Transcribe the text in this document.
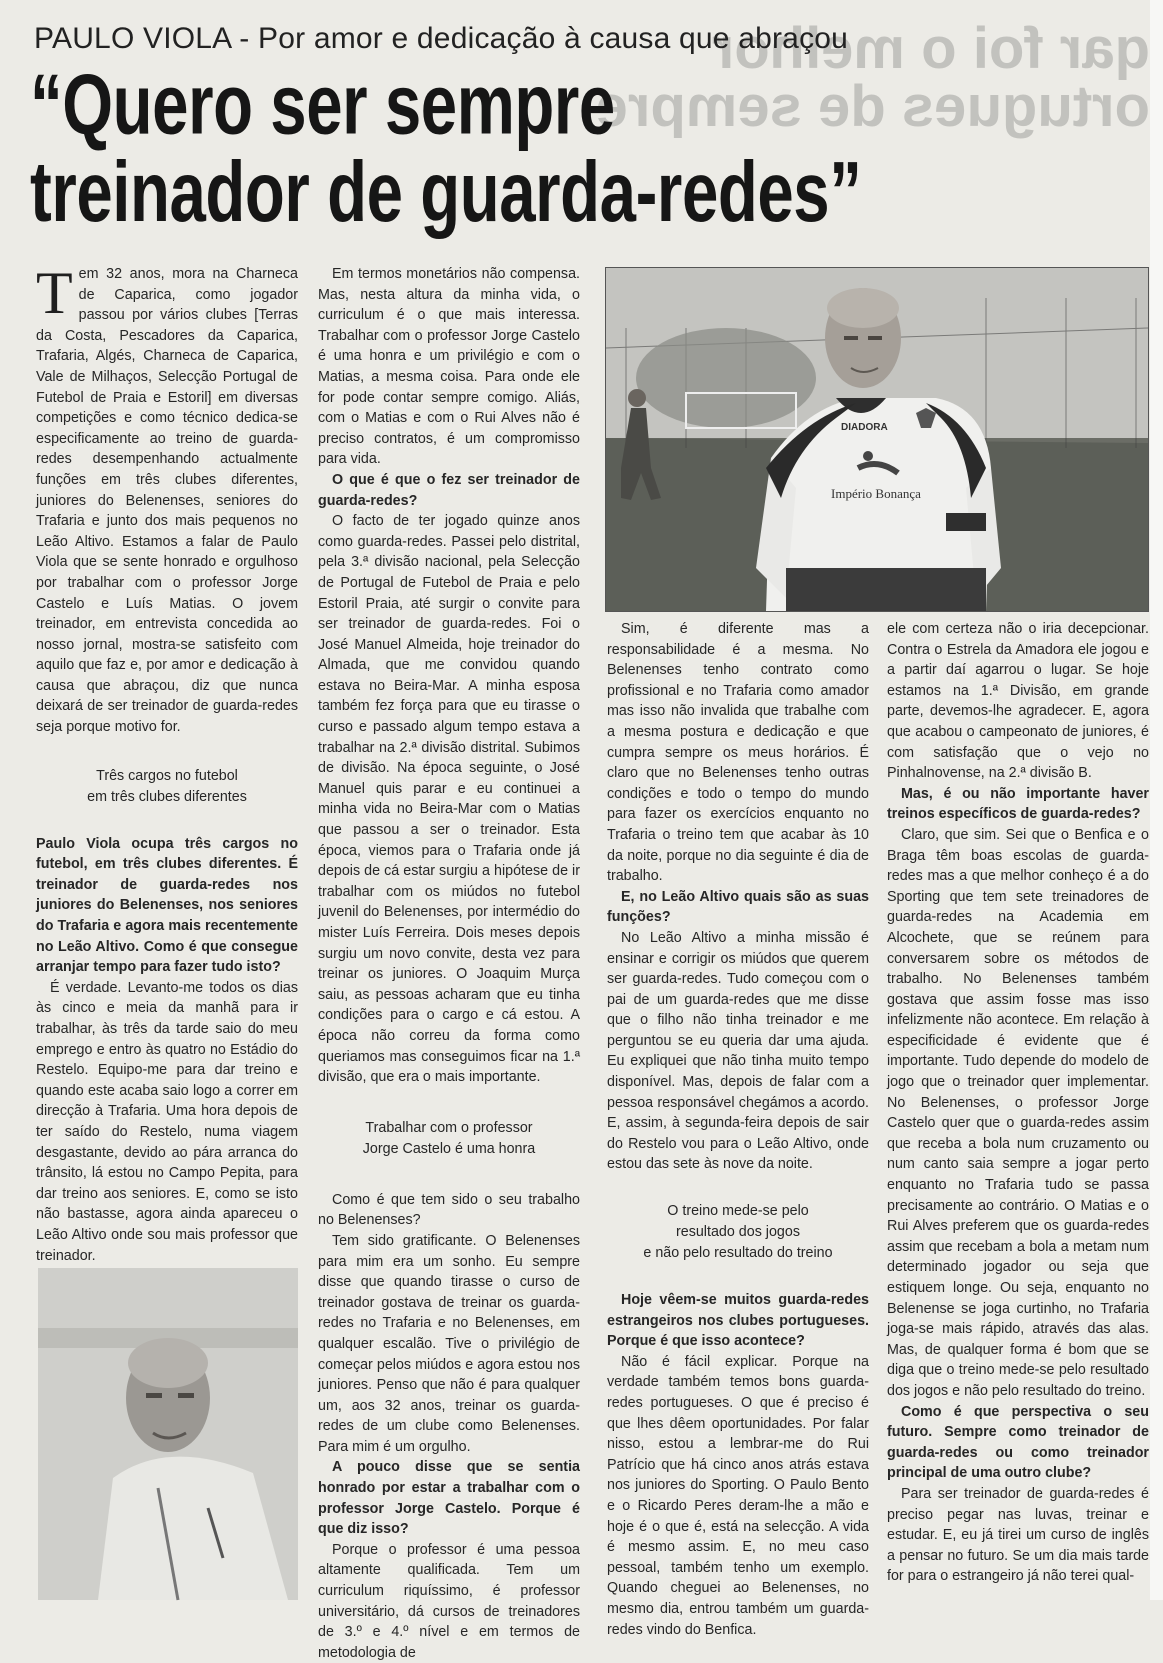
qar foi o melhor
ortugues de sempre
PAULO VIOLA - Por amor e dedicação à causa que abraçou
“Quero ser sempre
treinador de guarda-redes”

Tem 32 anos, mora na Charneca de Caparica, como jogador passou por vários clubes [Terras da Costa, Pescadores da Caparica, Trafaria, Algés, Charneca de Caparica, Vale de Milhaços, Selecção Portugal de Futebol de Praia e Estoril] em diversas competições e como técnico dedica-se especificamente ao treino de guarda-redes desempenhando actualmente funções em três clubes diferentes, juniores do Belenenses, seniores do Trafaria e junto dos mais pequenos no Leão Altivo. Estamos a falar de Paulo Viola que se sente honrado e orgulhoso por trabalhar com o professor Jorge Castelo e Luís Matias. O jovem treinador, em entrevista concedida ao nosso jornal, mostra-se satisfeito com aquilo que faz e, por amor e dedicação à causa que abraçou, diz que nunca deixará de ser treinador de guarda-redes seja porque motivo for.

Três cargos no futebol
em três clubes diferentes

Paulo Viola ocupa três cargos no futebol, em três clubes diferentes. É treinador de guarda-redes nos juniores do Belenenses, nos seniores do Trafaria e agora mais recentemente no Leão Altivo. Como é que consegue arranjar tempo para fazer tudo isto?

É verdade. Levanto-me todos os dias às cinco e meia da manhã para ir trabalhar, às três da tarde saio do meu emprego e entro às quatro no Estádio do Restelo. Equipo-me para dar treino e quando este acaba saio logo a correr em direcção à Trafaria. Uma hora depois de ter saído do Restelo, numa viagem desgastante, devido ao pára arranca do trânsito, lá estou no Campo Pepita, para dar treino aos seniores. E, como se isto não bastasse, agora ainda apareceu o Leão Altivo onde sou mais professor que treinador.

Em termos monetários não compensa. Mas, nesta altura da minha vida, o curriculum é o que mais interessa. Trabalhar com o professor Jorge Castelo é uma honra e um privilégio e com o Matias, a mesma coisa. Para onde ele for pode contar sempre comigo. Aliás, com o Matias e com o Rui Alves não é preciso contratos, é um compromisso para vida.

O que é que o fez ser treinador de guarda-redes?

O facto de ter jogado quinze anos como guarda-redes. Passei pelo distrital, pela 3.ª divisão nacional, pela Selecção de Portugal de Futebol de Praia e pelo Estoril Praia, até surgir o convite para ser treinador de guarda-redes. Foi o José Manuel Almeida, hoje treinador do Almada, que me convidou quando estava no Beira-Mar. A minha esposa também fez força para que eu tirasse o curso e passado algum tempo estava a trabalhar na 2.ª divisão distrital. Subimos de divisão. Na época seguinte, o José Manuel quis parar e eu continuei a minha vida no Beira-Mar com o Matias que passou a ser o treinador. Esta época, viemos para o Trafaria onde já depois de cá estar surgiu a hipótese de ir trabalhar com os miúdos no futebol juvenil do Belenenses, por intermédio do mister Luís Ferreira. Dois meses depois surgiu um novo convite, desta vez para treinar os juniores. O Joaquim Murça saiu, as pessoas acharam que eu tinha condições para o cargo e cá estou. A época não correu da forma como queriamos mas conseguimos ficar na 1.ª divisão, que era o mais importante.

Trabalhar com o professor
Jorge Castelo é uma honra

Como é que tem sido o seu trabalho no Belenenses?

Tem sido gratificante. O Belenenses para mim era um sonho. Eu sempre disse que quando tirasse o curso de treinador gostava de treinar os guarda-redes no Trafaria e no Belenenses, em qualquer escalão. Tive o privilégio de começar pelos miúdos e agora estou nos juniores. Penso que não é para qualquer um, aos 32 anos, treinar os guarda-redes de um clube como Belenenses. Para mim é um orgulho.

A pouco disse que se sentia honrado por estar a trabalhar com o professor Jorge Castelo. Porque é que diz isso?

Porque o professor é uma pessoa altamente qualificada. Tem um curriculum riquíssimo, é professor universitário, dá cursos de treinadores de 3.º e 4.º nível e em termos de metodologia de

DIADORA
Império Bonança

Sim, é diferente mas a responsabilidade é a mesma. No Belenenses tenho contrato como profissional e no Trafaria como amador mas isso não invalida que trabalhe com a mesma postura e dedicação e que cumpra sempre os meus horários. É claro que no Belenenses tenho outras condições e todo o tempo do mundo para fazer os exercícios enquanto no Trafaria o treino tem que acabar às 10 da noite, porque no dia seguinte é dia de trabalho.

E, no Leão Altivo quais são as suas funções?

No Leão Altivo a minha missão é ensinar e corrigir os miúdos que querem ser guarda-redes. Tudo começou com o pai de um guarda-redes que me disse que o filho não tinha treinador e me perguntou se eu queria dar uma ajuda. Eu expliquei que não tinha muito tempo disponível. Mas, depois de falar com a pessoa responsável chegámos a acordo. E, assim, à segunda-feira depois de sair do Restelo vou para o Leão Altivo, onde estou das sete às nove da noite.

O treino mede-se pelo
resultado dos jogos
e não pelo resultado do treino

Hoje vêem-se muitos guarda-redes estrangeiros nos clubes portugueses. Porque é que isso acontece?

Não é fácil explicar. Porque na verdade também temos bons guarda-redes portugueses. O que é preciso é que lhes dêem oportunidades. Por falar nisso, estou a lembrar-me do Rui Patrício que há cinco anos atrás estava nos juniores do Sporting. O Paulo Bento e o Ricardo Peres deram-lhe a mão e hoje é o que é, está na selecção. A vida é mesmo assim. E, no meu caso pessoal, também tenho um exemplo. Quando cheguei ao Belenenses, no mesmo dia, entrou também um guarda-redes vindo do Benfica.

ele com certeza não o iria decepcionar. Contra o Estrela da Amadora ele jogou e a partir daí agarrou o lugar. Se hoje estamos na 1.ª Divisão, em grande parte, devemos-lhe agradecer. E, agora que acabou o campeonato de juniores, é com satisfação que o vejo no Pinhalnovense, na 2.ª divisão B.

Mas, é ou não importante haver treinos específicos de guarda-redes?

Claro, que sim. Sei que o Benfica e o Braga têm boas escolas de guarda-redes mas a que melhor conheço é a do Sporting que tem sete treinadores de guarda-redes na Academia em Alcochete, que se reúnem para conversarem sobre os métodos de trabalho. No Belenenses também gostava que assim fosse mas isso infelizmente não acontece. Em relação à especificidade é evidente que é importante. Tudo depende do modelo de jogo que o treinador quer implementar. No Belenenses, o professor Jorge Castelo quer que o guarda-redes assim que receba a bola num cruzamento ou num canto saia sempre a jogar perto enquanto no Trafaria tudo se passa precisamente ao contrário. O Matias e o Rui Alves preferem que os guarda-redes assim que recebam a bola a metam num determinado jogador ou seja que estiquem longe. Ou seja, enquanto no Belenense se joga curtinho, no Trafaria joga-se mais rápido, através das alas. Mas, de qualquer forma é bom que se diga que o treino mede-se pelo resultado dos jogos e não pelo resultado do treino.

Como é que perspectiva o seu futuro. Sempre como treinador de guarda-redes ou como treinador principal de uma outro clube?

Para ser treinador de guarda-redes é preciso pegar nas luvas, treinar e estudar. E, eu já tirei um curso de inglês a pensar no futuro. Se um dia mais tarde for para o estrangeiro já não terei qual-
